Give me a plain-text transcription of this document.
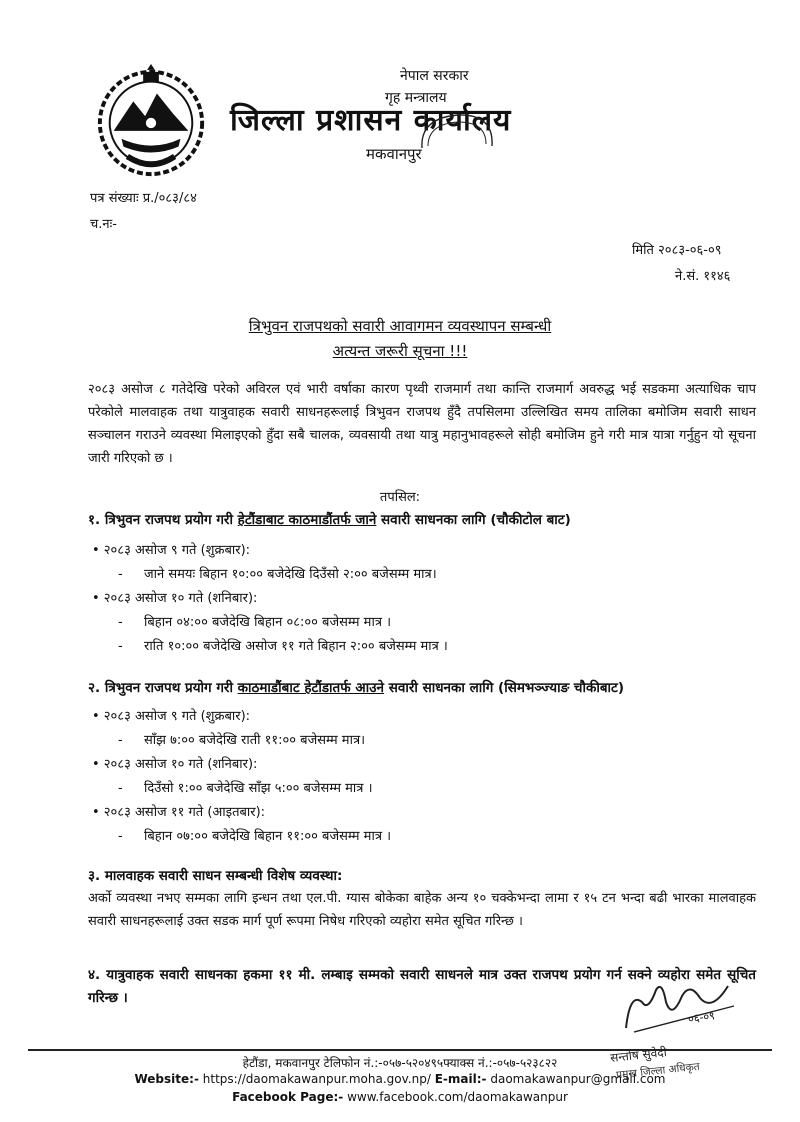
नेपाल सरकार
गृह मन्त्रालय
जिल्ला प्रशासन कार्यालय
मकवानपुर
पत्र संख्याः प्र./०८३/८४
च.नः-
मिति २०८३-०६-०९
ने.सं. ११४६
त्रिभुवन राजपथको सवारी आवागमन व्यवस्थापन सम्बन्धी
अत्यन्त जरूरी सूचना !!!

२०८३ असोज ८ गतेदेखि परेको अविरल एवं भारी वर्षाका कारण पृथ्वी राजमार्ग तथा कान्ति राजमार्ग अवरुद्ध भई सडकमा अत्याधिक चाप परेकोले मालवाहक तथा यात्रुवाहक सवारी साधनहरूलाई त्रिभुवन राजपथ हुँदै तपसिलमा उल्लिखित समय तालिका बमोजिम सवारी साधन सञ्चालन गराउने व्यवस्था मिलाइएको हुँदा सबै चालक, व्यवसायी तथा यात्रु महानुभावहरूले सोही बमोजिम हुने गरी मात्र यात्रा गर्नुहुन यो सूचना जारी गरिएको छ ।

तपसिल:
१. त्रिभुवन राजपथ प्रयोग गरी हेटौंडाबाट काठमाडौंतर्फ जाने सवारी साधनका लागि (चौकीटोल बाट)
• २०८३ असोज ९ गते (शुक्रबार):
- जाने समयः बिहान १०:०० बजेदेखि दिउँसो २:०० बजेसम्म मात्र।
• २०८३ असोज १० गते (शनिबार):
- बिहान ०४:०० बजेदेखि बिहान ०८:०० बजेसम्म मात्र ।
- राति १०:०० बजेदेखि असोज ११ गते बिहान २:०० बजेसम्म मात्र ।
२. त्रिभुवन राजपथ प्रयोग गरी काठमाडौंबाट हेटौंडातर्फ आउने सवारी साधनका लागि (सिमभञ्ज्याङ चौकीबाट)
• २०८३ असोज ९ गते (शुक्रबार):
- साँझ ७:०० बजेदेखि राती ११:०० बजेसम्म मात्र।
• २०८३ असोज १० गते (शनिबार):
- दिउँसो १:०० बजेदेखि साँझ ५:०० बजेसम्म मात्र ।
• २०८३ असोज ११ गते (आइतबार):
- बिहान ०७:०० बजेदेखि बिहान ११:०० बजेसम्म मात्र ।
३. मालवाहक सवारी साधन सम्बन्धी विशेष व्यवस्था:

अर्को व्यवस्था नभए सम्मका लागि इन्धन तथा एल.पी. ग्यास बोकेका बाहेक अन्य १० चक्केभन्दा लामा र १५ टन भन्दा बढी भारका मालवाहक सवारी साधनहरूलाई उक्त सडक मार्ग पूर्ण रूपमा निषेध गरिएको व्यहोरा समेत सूचित गरिन्छ ।

४. यात्रुवाहक सवारी साधनका हकमा ११ मी. लम्बाइ सम्मको सवारी साधनले मात्र उक्त राजपथ प्रयोग गर्न सक्ने व्यहोरा समेत सूचित गरिन्छ ।

०६-०९
सन्तोष सुवेदी
प्रमुख जिल्ला अधिकृत
हेटौंडा, मकवानपुर टेलिफोन नं.:-०५७-५२०४९५फ्याक्स नं.:-०५७-५२३८२२
Website:- https://daomakawanpur.moha.gov.np/ E-mail:- daomakawanpur@gmail.com
Facebook Page:- www.facebook.com/daomakawanpur
